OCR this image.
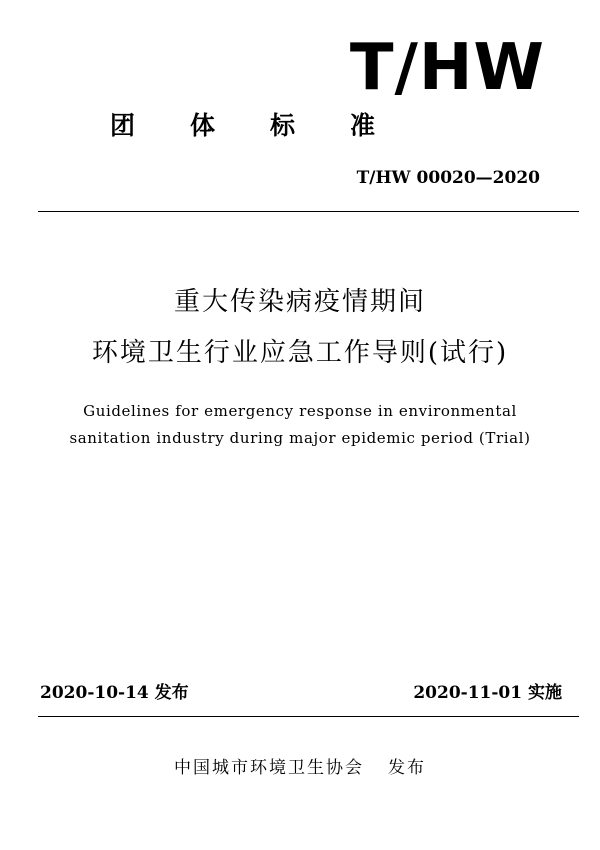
T/HW
团体标准
T/HW 00020—2020
重大传染病疫情期间
环境卫生行业应急工作导则(试行)
Guidelines for emergency response in environmental
sanitation industry during major epidemic period (Trial)
2020-10-14 发布	2020-11-01 实施
中国城市环境卫生协会 发布
